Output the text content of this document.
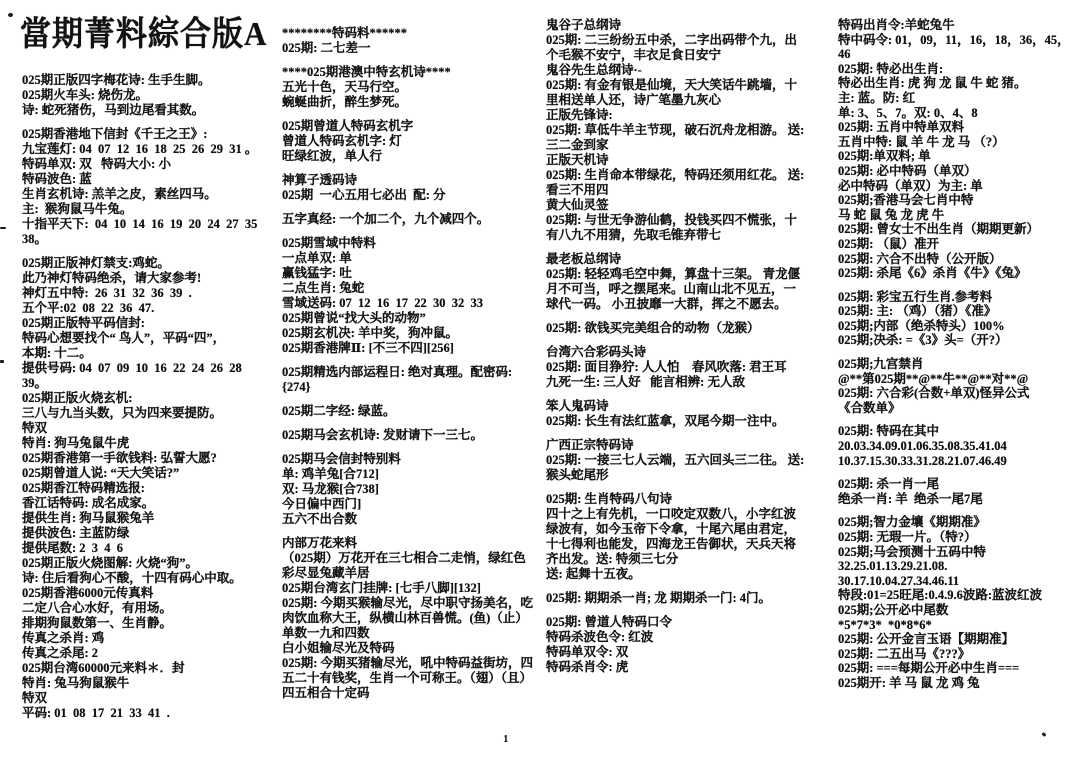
當期菁料綜合版A
025期正版四字梅花诗: 生手生脚。
025期火车头: 烧伤龙。
诗: 蛇死猪伤，马到边尾看其数。
025期香港地下信封《千王之王》:
九宝莲灯: 04  07  12  16  18  25  26  29  31 。
特码单双: 双   特码大小: 小
特码波色: 蓝
生肖玄机诗: 羔羊之皮，素丝四马。
主:  猴狗鼠马牛兔。
十指平天下:  04  10  14  16  19  20  24  27  35  38。
025期正版神灯禁支:鸡蛇。
此乃神灯特码绝杀，请大家参考!
神灯五中特:  26  31  32  36  39  .
五个平:02  08  22  36  47.
025期正版特平码信封:
特码心想要找个“ 鸟人”，平码“四”，
本期: 十二。
提供号码: 04  07  09  10  16  22  24  26  28  39。
025期正版火烧玄机:
三八与九当头数，只为四来要提防。
特双
特肖: 狗马兔鼠牛虎
025期香港第一手欲钱料: 弘誓大愿?
025期曾道人说: “天大笑话?”
025期香江特码精选报:
香江话特码: 成名成家。
提供生肖: 狗马鼠猴兔羊
提供波色: 主蓝防绿
提供尾数: 2  3  4  6
025期正版火烧图解: 火烧“狗”。
诗: 住后看狗心不酸，十四有码心中取。
025期香港6000元传真料
二定八合心水好，有用场。
排期狗鼠数第一、生肖静。
传真之杀肖: 鸡
传真之杀尾: 2
025期台湾60000元来料＊．封
特肖: 兔马狗鼠猴牛
特双
平码: 01  08  17  21  33  41  .
********特码料******
025期: 二七差一
****025期港澳中特玄机诗****
五光十色，天马行空。
蜿蜒曲折，醉生梦死。
025期曾道人特码玄机字
曾道人特码玄机字: 灯
旺绿红波，单人行
神算子透码诗
025期  一心五用七必出  配: 分
五字真经: 一个加二个，九个减四个。
025期雪域中特料
一点单双: 单
赢钱猛字: 吐
二点生肖: 兔蛇
雪域送码: 07  12  16  17  22  30  32  33
025期曾说“找大头的动物”
025期玄机决: 羊中奖，狗冲鼠。
025期香港牌Ⅱ: [不三不四][256]
025期精选内部运程日: 绝对真理。配密码: {274}
025期二字经: 绿蓝。
025期马会玄机诗: 发财请下一三七。
025期马会信封特别料
单: 鸡羊兔[合712]
双: 马龙猴[合738]
今日偏中西门]
五六不出合数
内部万花来料
（025期）万花开在三七相合二走悄，绿红色彩尽显兔藏羊居
025期台湾玄门挂牌: [七手八脚][132]
025期: 今期买猴输尽光，尽中职守扬美名，吃肉饮血称大王，纵横山林百兽慌。(鱼)（止） 单数一九和四数
白小姐输尽光及特码
025期: 今期买猪输尽光，吼中特码益街坊，四五二十有钱奖，生肖一个可称王。（翅）（且）四五相合十定码
鬼谷子总纲诗
025期: 二三纷纷五中杀，二字出码带个九，出个毛猴不安宁，丰衣足食日安宁
鬼谷先生总纲诗·-
025期: 有金有银是仙境，天大笑话牛跳墙，十里相送单人还，诗广笔墨九灰心
正版先锋诗:
025期: 草低牛羊主节现，破石沉舟龙相游。 送: 三二金到家
正版天机诗
025期: 生肖命本带绿花，特码还须用红花。 送: 看三不用四
黄大仙灵签
025期: 与世无争游仙鹤，投钱买四不慌张，十有八九不用猜，先取毛锥弃带七
最老板总纲诗
025期: 轻轻鸡毛空中舞，算盘十三架。 青龙偃月不可当，呼之摆尾来。山南山北不见五，一球代一码。 小丑披靡一大群，挥之不愿去。
025期: 欲钱买完美组合的动物（龙猴）
台湾六合彩码头诗
025期: 面目狰狞: 人人怕    春风吹落: 君王耳    九死一生: 三人好   能言相辨: 无人敌
笨人鬼码诗
025期: 长生有法红蓝拿，双尾今期一注中。
广西正宗特码诗
025期: 一接三七人云端，五六回头三二往。 送: 猴头蛇尾形
025期: 生肖特码八句诗
四十之上有先机，一口咬定双数八，小字红波绿波有，如今玉帝下令拿，十尾六尾由君定，十七得利也能发，四海龙王告御状，天兵天将齐出发。送: 特须三七分
送: 起舞十五夜。
025期: 期期杀一肖; 龙 期期杀一门: 4门。
025期: 曾道人特码口令
特码杀波色令: 红波
特码单双令: 双
特码杀肖令: 虎
特码出肖令:羊蛇兔牛
特中码令: 01，09，11，16，18，36，45，46
025期: 特必出生肖:
特必出生肖: 虎 狗 龙 鼠 牛 蛇 猪。
主: 蓝。防: 红
单: 3、5、7。双: 0、4、8
025期: 五肖中特单双料
五肖中特: 鼠 羊 牛 龙 马 （?）
025期:单双料; 单
025期: 必中特码（单双）
必中特码（单双）为主: 单
025期;香港马会七肖中特
马 蛇 鼠 兔 龙 虎 牛
025期: 曾女士不出生肖（期期更新）
025期: （鼠）准开
025期: 六合不出特（公开版）
025期: 杀尾《6》杀肖《牛》《兔》
025期: 彩宝五行生肖.参考料
025期: 主: （鸡）（猪）《准》
025期;内部（绝杀特头）100%
025期;决杀: =《3》头=（开?）
025期;九宫禁肖
@**第025期**@**牛**@**对**@
025期: 六合彩(合数+单双)怪异公式
《合数单》
025期: 特码在其中
20.03.34.09.01.06.35.08.35.41.04
10.37.15.30.33.31.28.21.07.46.49
025期: 杀一肖一尾
绝杀一肖: 羊  绝杀一尾7尾
025期;智力金壤《期期准》
025期: 无瑕一片。（特?）
025期;马会预测十五码中特
32.25.01.13.29.21.08.
30.17.10.04.27.34.46.11
特段:01=25旺尾:0.4.9.6波路:蓝波红波
025期;公开必中尾数
*5*7*3*  *0*8*6*
025期: 公开金言玉语【期期准】
025期: 二五出马《???》
025期: ===每期公开必中生肖===
025期开: 羊 马 鼠 龙 鸡 兔
1
